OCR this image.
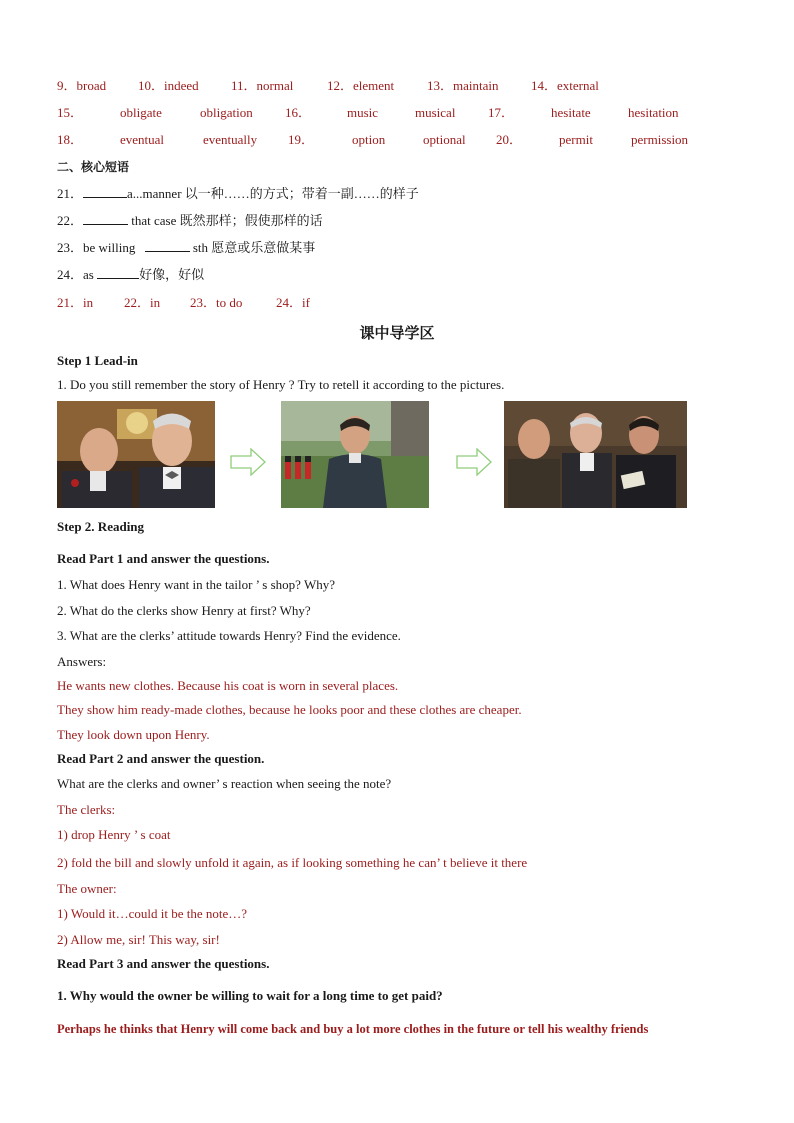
9．broad 10．indeed 11．normal	12．element	13．maintain	14．external
15．	obligate	obligation 16．	music	musical	17．	hesitate	hesitation
18．	eventual	eventually 19．	option	optional 20．	permit	permission
二、核心短语
21．	a...manner 以一种……的方式；带着一副……的样子
22．	that case 既然那样；假使那样的话
23．be willing	sth 愿意或乐意做某事
24．as	好像，好似
21．in 22．in 23．to do	24．if
课中导学区
Step 1 Lead-in
1. Do you still remember the story of Henry ? Try to retell it according to the pictures.
Step 2. Reading
Read Part 1 and answer the questions.
1. What does Henry want in the tailor ’ s shop? Why?
2. What do the clerks show Henry at first? Why?
3. What are the clerks’ attitude towards Henry? Find the evidence.
Answers:
He wants new clothes. Because his coat is worn in several places.
They show him ready-made clothes, because he looks poor and these clothes are cheaper.
They look down upon Henry.
Read Part 2 and answer the question.
What are the clerks and owner’ s reaction when seeing the note?
The clerks:
1) drop Henry ’ s coat
2) fold the bill and slowly unfold it again, as if looking something he can’ t believe it there
The owner:
1) Would it…could it be the note…?
2) Allow me, sir! This way, sir!
Read Part 3 and answer the questions.
1. Why would the owner be willing to wait for a long time to get paid?
Perhaps he thinks that Henry will come back and buy a lot more clothes in the future or tell his wealthy friends
